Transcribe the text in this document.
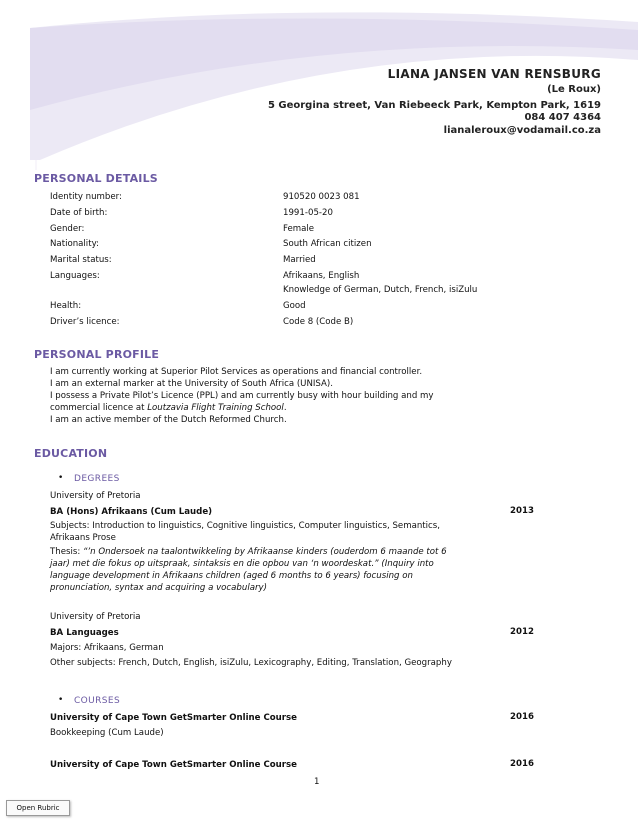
LIANA JANSEN VAN RENSBURG
(Le Roux)
5 Georgina street, Van Riebeeck Park, Kempton Park, 1619
084 407 4364
lianaleroux@vodamail.co.za
PERSONAL DETAILS
Identity number:	910520 0023 081
Date of birth:	1991-05-20
Gender:	Female
Nationality:	South African citizen
Marital status:	Married
Languages:	Afrikaans, English
Knowledge of German, Dutch, French, isiZulu
Health:	Good
Driver’s licence:	Code 8 (Code B)
PERSONAL PROFILE
I am currently working at Superior Pilot Services as operations and financial controller.
I am an external marker at the University of South Africa (UNISA).
I possess a Private Pilot’s Licence (PPL) and am currently busy with hour building and my
commercial licence at Loutzavia Flight Training School.
I am an active member of the Dutch Reformed Church.
EDUCATION
• DEGREES
University of Pretoria
BA (Hons) Afrikaans (Cum Laude)	2013
Subjects: Introduction to linguistics, Cognitive linguistics, Computer linguistics, Semantics,
Afrikaans Prose
Thesis: “’n Ondersoek na taalontwikkeling by Afrikaanse kinders (ouderdom 6 maande tot 6
jaar) met die fokus op uitspraak, sintaksis en die opbou van ‘n woordeskat.” (Inquiry into
language development in Afrikaans children (aged 6 months to 6 years) focusing on
pronunciation, syntax and acquiring a vocabulary)
University of Pretoria
BA Languages	2012
Majors: Afrikaans, German
Other subjects: French, Dutch, English, isiZulu, Lexicography, Editing, Translation, Geography
• COURSES
University of Cape Town GetSmarter Online Course	2016
Bookkeeping (Cum Laude)
University of Cape Town GetSmarter Online Course	2016
1
Open Rubric
